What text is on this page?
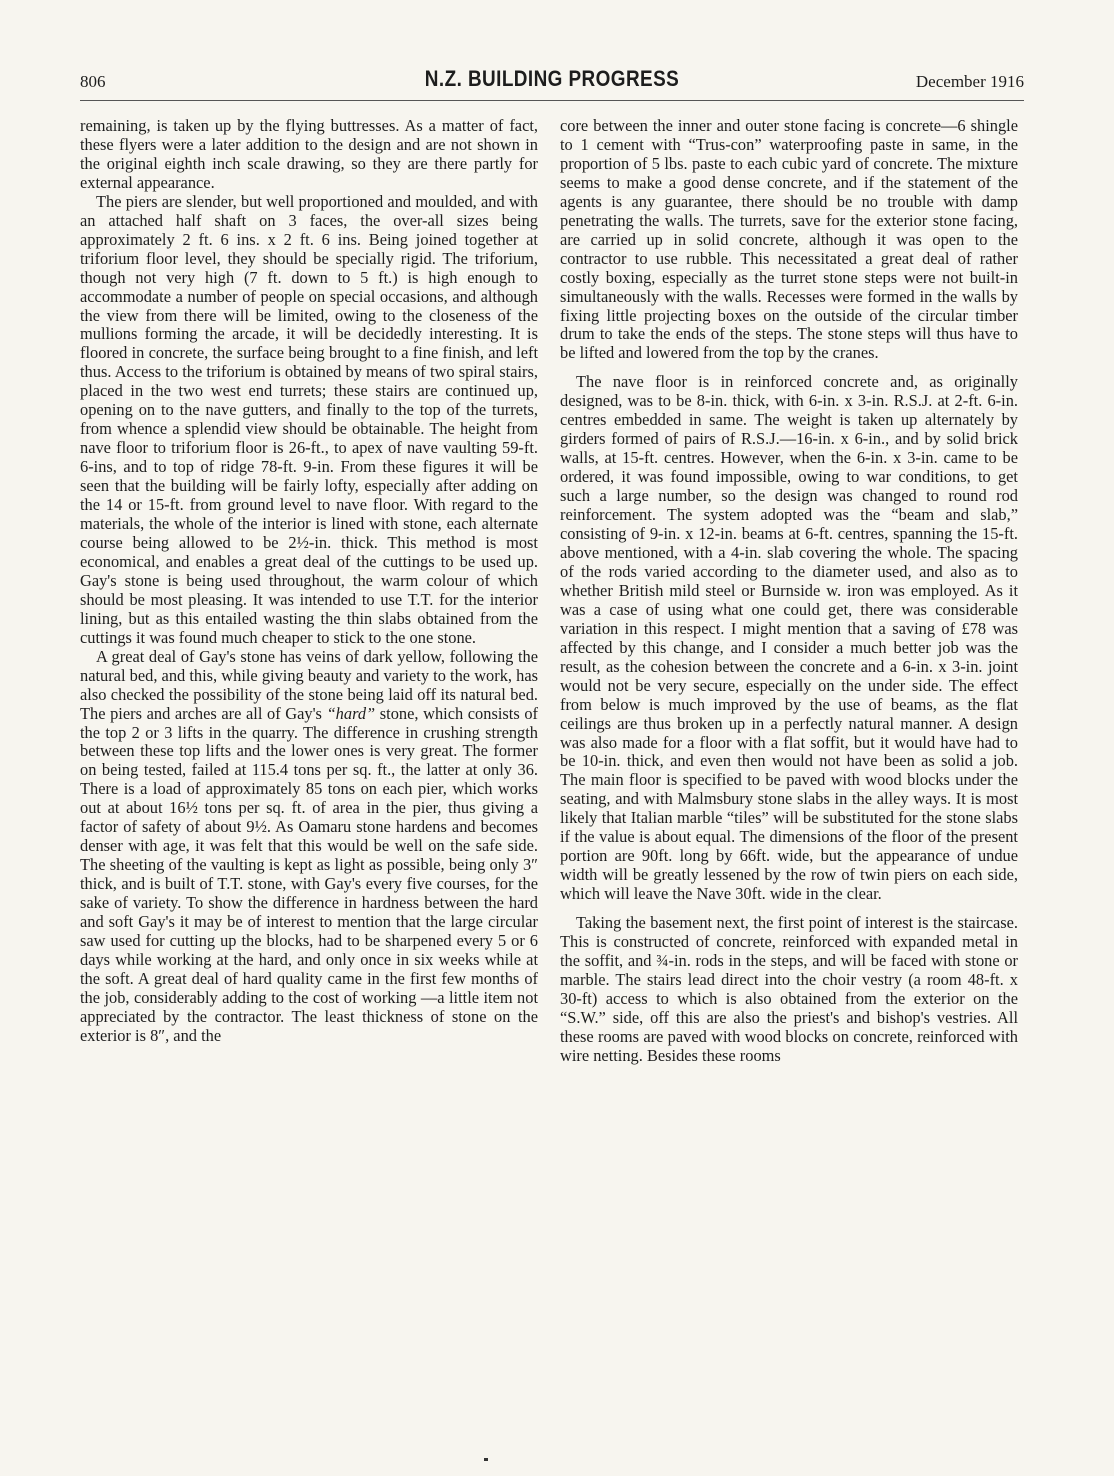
806	N.Z. BUILDING PROGRESS	December 1916

remaining, is taken up by the flying buttresses. As a matter of fact, these flyers were a later addition to the design and are not shown in the original eighth inch scale drawing, so they are there partly for external appearance.

The piers are slender, but well proportioned and moulded, and with an attached half shaft on 3 faces, the over-all sizes being approximately 2 ft. 6 ins. x 2 ft. 6 ins. Being joined together at triforium floor level, they should be specially rigid. The triforium, though not very high (7 ft. down to 5 ft.) is high enough to accommodate a number of people on special occasions, and although the view from there will be limited, owing to the closeness of the mullions forming the arcade, it will be decidedly interesting. It is floored in concrete, the surface being brought to a fine finish, and left thus. Access to the triforium is obtained by means of two spiral stairs, placed in the two west end turrets; these stairs are continued up, opening on to the nave gutters, and finally to the top of the turrets, from whence a splendid view should be obtainable. The height from nave floor to triforium floor is 26-ft., to apex of nave vaulting 59-ft. 6-ins, and to top of ridge 78-ft. 9-in. From these figures it will be seen that the building will be fairly lofty, especially after adding on the 14 or 15-ft. from ground level to nave floor. With regard to the materials, the whole of the interior is lined with stone, each alternate course being allowed to be 2½-in. thick. This method is most economical, and enables a great deal of the cuttings to be used up. Gay's stone is being used throughout, the warm colour of which should be most pleasing. It was intended to use T.T. for the interior lining, but as this entailed wasting the thin slabs obtained from the cuttings it was found much cheaper to stick to the one stone.

A great deal of Gay's stone has veins of dark yellow, following the natural bed, and this, while giving beauty and variety to the work, has also checked the possibility of the stone being laid off its natural bed. The piers and arches are all of Gay's “hard” stone, which consists of the top 2 or 3 lifts in the quarry. The difference in crushing strength between these top lifts and the lower ones is very great. The former on being tested, failed at 115.4 tons per sq. ft., the latter at only 36. There is a load of approximately 85 tons on each pier, which works out at about 16½ tons per sq. ft. of area in the pier, thus giving a factor of safety of about 9½. As Oamaru stone hardens and becomes denser with age, it was felt that this would be well on the safe side. The sheeting of the vaulting is kept as light as possible, being only 3″ thick, and is built of T.T. stone, with Gay's every five courses, for the sake of variety. To show the difference in hardness between the hard and soft Gay's it may be of interest to mention that the large circular saw used for cutting up the blocks, had to be sharpened every 5 or 6 days while working at the hard, and only once in six weeks while at the soft. A great deal of hard quality came in the first few months of the job, considerably adding to the cost of working —a little item not appreciated by the contractor. The least thickness of stone on the exterior is 8″, and the

core between the inner and outer stone facing is concrete—6 shingle to 1 cement with “Trus-con” waterproofing paste in same, in the proportion of 5 lbs. paste to each cubic yard of concrete. The mixture seems to make a good dense concrete, and if the statement of the agents is any guarantee, there should be no trouble with damp penetrating the walls. The turrets, save for the exterior stone facing, are carried up in solid concrete, although it was open to the contractor to use rubble. This necessitated a great deal of rather costly boxing, especially as the turret stone steps were not built-in simultaneously with the walls. Recesses were formed in the walls by fixing little projecting boxes on the outside of the circular timber drum to take the ends of the steps. The stone steps will thus have to be lifted and lowered from the top by the cranes.

The nave floor is in reinforced concrete and, as originally designed, was to be 8-in. thick, with 6-in. x 3-in. R.S.J. at 2-ft. 6-in. centres embedded in same. The weight is taken up alternately by girders formed of pairs of R.S.J.—16-in. x 6-in., and by solid brick walls, at 15-ft. centres. However, when the 6-in. x 3-in. came to be ordered, it was found impossible, owing to war conditions, to get such a large number, so the design was changed to round rod reinforcement. The system adopted was the “beam and slab,” consisting of 9-in. x 12-in. beams at 6-ft. centres, spanning the 15-ft. above mentioned, with a 4-in. slab covering the whole. The spacing of the rods varied according to the diameter used, and also as to whether British mild steel or Burnside w. iron was employed. As it was a case of using what one could get, there was considerable variation in this respect. I might mention that a saving of £78 was affected by this change, and I consider a much better job was the result, as the cohesion between the concrete and a 6-in. x 3-in. joint would not be very secure, especially on the under side. The effect from below is much improved by the use of beams, as the flat ceilings are thus broken up in a perfectly natural manner. A design was also made for a floor with a flat soffit, but it would have had to be 10-in. thick, and even then would not have been as solid a job. The main floor is specified to be paved with wood blocks under the seating, and with Malmsbury stone slabs in the alley ways. It is most likely that Italian marble “tiles” will be substituted for the stone slabs if the value is about equal. The dimensions of the floor of the present portion are 90ft. long by 66ft. wide, but the appearance of undue width will be greatly lessened by the row of twin piers on each side, which will leave the Nave 30ft. wide in the clear.

Taking the basement next, the first point of interest is the staircase. This is constructed of concrete, reinforced with expanded metal in the soffit, and ¾-in. rods in the steps, and will be faced with stone or marble. The stairs lead direct into the choir vestry (a room 48-ft. x 30-ft) access to which is also obtained from the exterior on the “S.W.” side, off this are also the priest's and bishop's vestries. All these rooms are paved with wood blocks on concrete, reinforced with wire netting. Besides these rooms
